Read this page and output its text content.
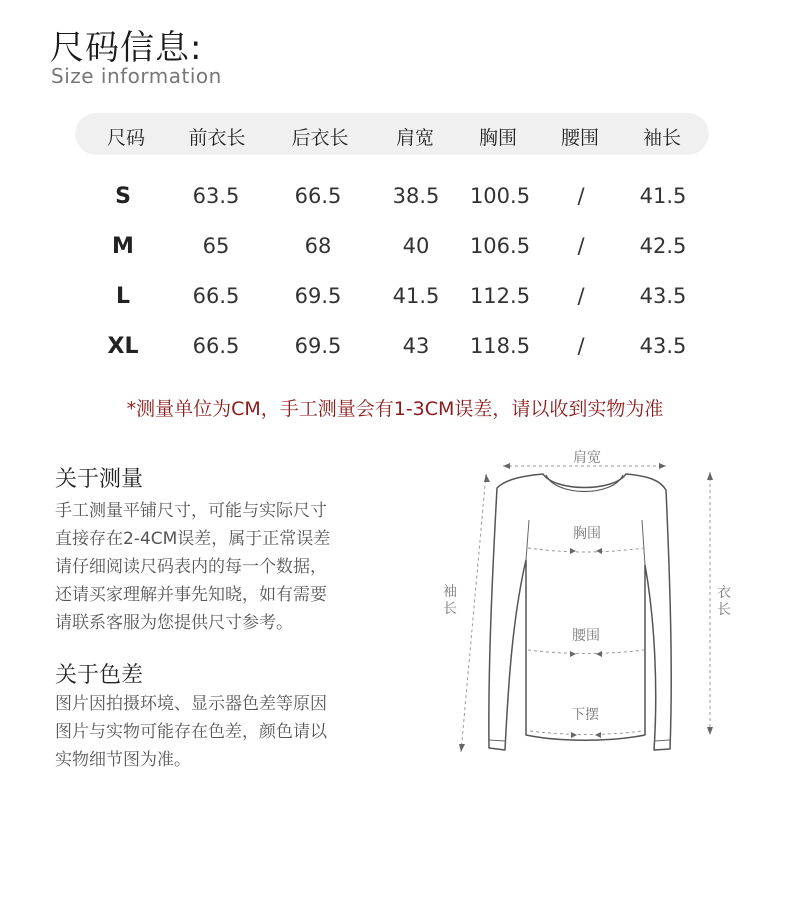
尺码信息:
Size information
尺码 前衣长 后衣长 肩宽 胸围 腰围 袖长
S	63.5	66.5 38.5 100.5 /	41.5
M	65	68	40 106.5 /	42.5
L	66.5	69.5 41.5 112.5 /	43.5
XL	66.5	69.5	43 118.5 /	43.5
*测量单位为CM，手工测量会有1-3CM误差，请以收到实物为准
关于测量
手工测量平铺尺寸，可能与实际尺寸
直接存在2-4CM误差，属于正常误差
请仔细阅读尺码表内的每一个数据，
还请买家理解并事先知晓，如有需要
请联系客服为您提供尺寸参考。
关于色差
图片因拍摄环境、显示器色差等原因
图片与实物可能存在色差，颜色请以
实物细节图为准。
肩宽
胸围
腰围
下摆
袖
长
衣
长
